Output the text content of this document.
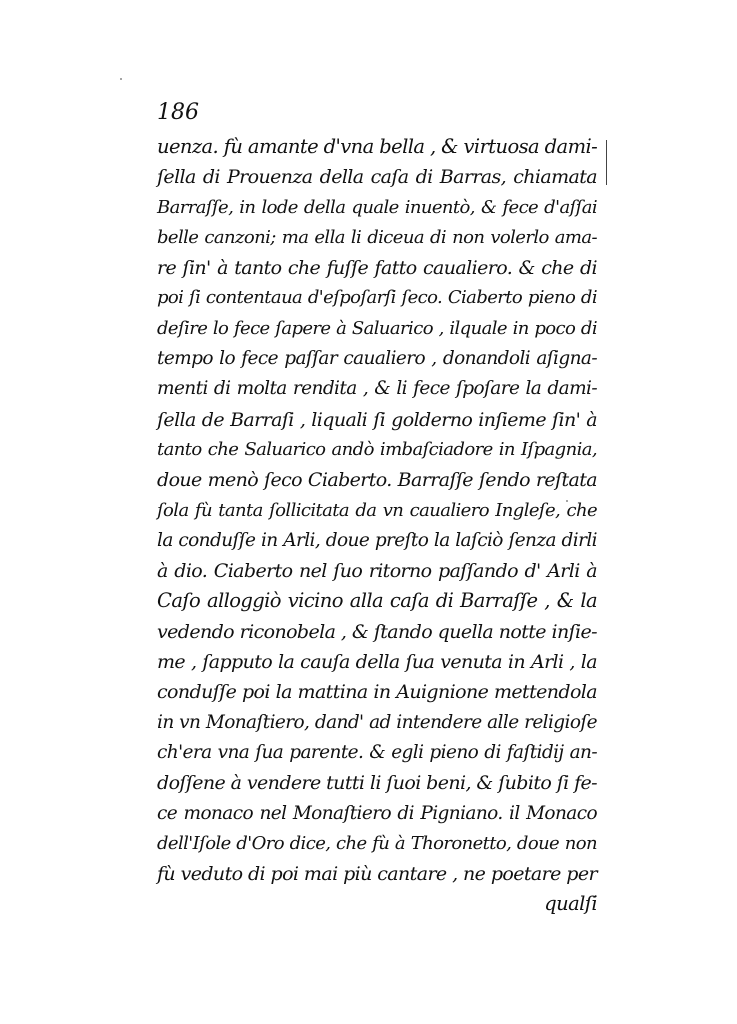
186
uenza. fù amante d'vna bella , & virtuosa dami-
ſella di Prouenza della caſa di Barras, chiamata
Barraſſe, in lode della quale inuentò, & fece d'aſſai
belle canzoni; ma ella li diceua di non volerlo ama-
re ſin' à tanto che fuſſe fatto caualiero. & che di
poi ſi contentaua d'eſpoſarſi ſeco. Ciaberto pieno di
deſire lo fece ſapere à Saluarico , ilquale in poco di
tempo lo fece paſſar caualiero , donandoli aſigna-
menti di molta rendita , & li fece ſpoſare la dami-
ſella de Barraſi , liquali ſi golderno inſieme ſin' à
tanto che Saluarico andò imbaſciadore in Iſpagnia,
doue menò ſeco Ciaberto. Barraſſe ſendo reſtata
ſola fù tanta ſollicitata da vn caualiero Ingleſe, che
la conduſſe in Arli, doue preſto la laſciò ſenza dirli
à dio. Ciaberto nel ſuo ritorno paſſando d' Arli à
Caſo alloggiò vicino alla caſa di Barraſſe , & la
vedendo riconobela , & ſtando quella notte inſie-
me , ſapputo la cauſa della ſua venuta in Arli , la
conduſſe poi la mattina in Auignione mettendola
in vn Monaſtiero, dand' ad intendere alle religioſe
ch'era vna ſua parente. & egli pieno di faſtidij an-
doſſene à vendere tutti li ſuoi beni, & ſubito ſi fe-
ce monaco nel Monaſtiero di Pigniano. il Monaco
dell'Iſole d'Oro dice, che fù à Thoronetto, doue non
fù veduto di poi mai più cantare , ne poetare per
qualſi
